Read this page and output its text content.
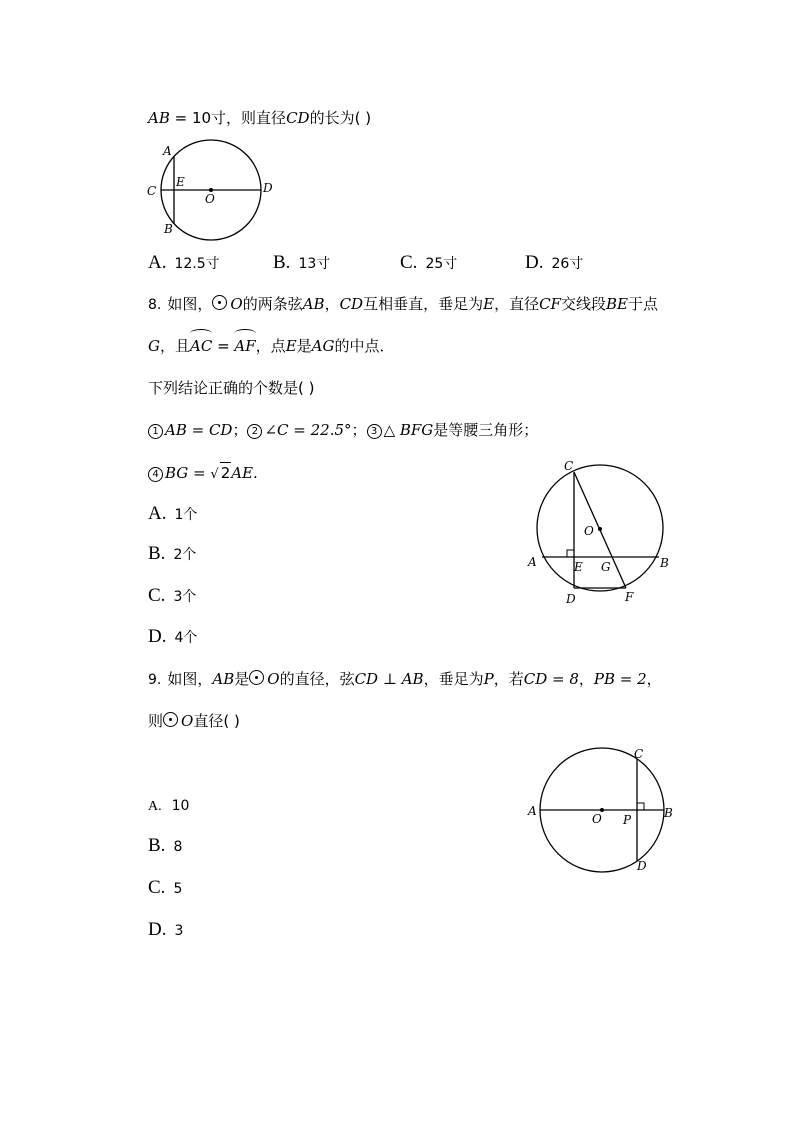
AB = 10寸，则直径CD的长为( )
A
B
C	D
E
O
A. 12.5寸	B. 13寸	C. 25寸	D. 26寸
8. 如图， O的两条弦AB，CD互相垂直，垂足为E，直径CF交线段BE于点
G，且
AC =
AF，点E是AG的中点．
下列结论正确的个数是( )
1 AB = CD； 2 ∠C = 22.5°； 3 △ BFG是等腰三角形；
4 BG = √ 2AE.	C
O
A	E G	B
D	F
A. 1个
B. 2个
C. 3个
D. 4个
9. 如图，AB是 O的直径，弦CD ⊥ AB，垂足为P，若CD = 8，PB = 2，
则 O直径( )
A
O P	B
C
D
A. 10
B. 8
C. 5
D. 3
